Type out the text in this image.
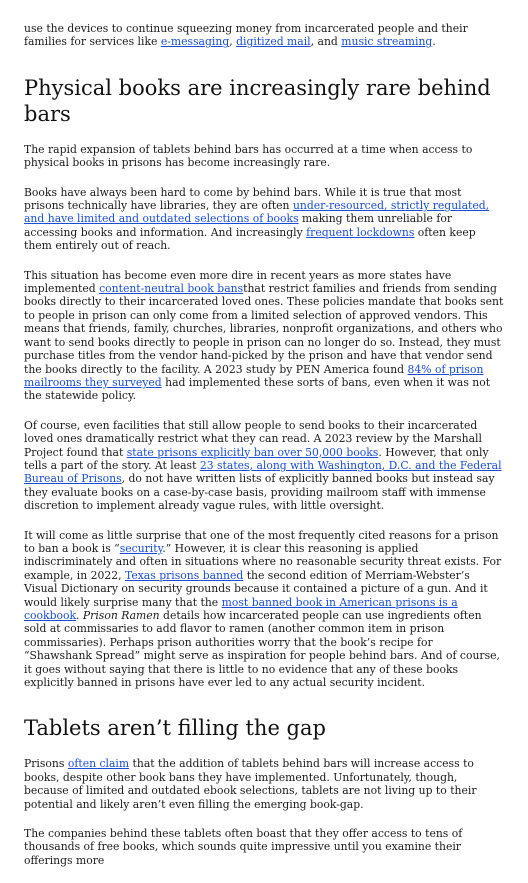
use the devices to continue squeezing money from incarcerated people and their families for services like e-messaging, digitized mail, and music streaming.

Physical books are increasingly rare behind bars

The rapid expansion of tablets behind bars has occurred at a time when access to physical books in prisons has become increasingly rare.

Books have always been hard to come by behind bars. While it is true that most prisons technically have libraries, they are often under-resourced, strictly regulated, and have limited and outdated selections of books making them unreliable for accessing books and information. And increasingly frequent lockdowns often keep them entirely out of reach.

This situation has become even more dire in recent years as more states have implemented content-neutral book bansthat restrict families and friends from sending books directly to their incarcerated loved ones. These policies mandate that books sent to people in prison can only come from a limited selection of approved vendors. This means that friends, family, churches, libraries, nonprofit organizations, and others who want to send books directly to people in prison can no longer do so. Instead, they must purchase titles from the vendor hand-picked by the prison and have that vendor send the books directly to the facility. A 2023 study by PEN America found 84% of prison mailrooms they surveyed had implemented these sorts of bans, even when it was not the statewide policy.

Of course, even facilities that still allow people to send books to their incarcerated loved ones dramatically restrict what they can read. A 2023 review by the Marshall Project found that state prisons explicitly ban over 50,000 books. However, that only tells a part of the story. At least 23 states, along with Washington, D.C. and the Federal Bureau of Prisons, do not have written lists of explicitly banned books but instead say they evaluate books on a case-by-case basis, providing mailroom staff with immense discretion to implement already vague rules, with little oversight.

It will come as little surprise that one of the most frequently cited reasons for a prison to ban a book is “security.” However, it is clear this reasoning is applied indiscriminately and often in situations where no reasonable security threat exists. For example, in 2022, Texas prisons banned the second edition of Merriam-Webster’s Visual Dictionary on security grounds because it contained a picture of a gun. And it would likely surprise many that the most banned book in American prisons is a cookbook. Prison Ramen details how incarcerated people can use ingredients often sold at commissaries to add flavor to ramen (another common item in prison commissaries). Perhaps prison authorities worry that the book’s recipe for “Shawshank Spread” might serve as inspiration for people behind bars. And of course, it goes without saying that there is little to no evidence that any of these books explicitly banned in prisons have ever led to any actual security incident.

Tablets aren’t filling the gap

Prisons often claim that the addition of tablets behind bars will increase access to books, despite other book bans they have implemented. Unfortunately, though, because of limited and outdated ebook selections, tablets are not living up to their potential and likely aren’t even filling the emerging book-gap.

The companies behind these tablets often boast that they offer access to tens of thousands of free books, which sounds quite impressive until you examine their offerings more
